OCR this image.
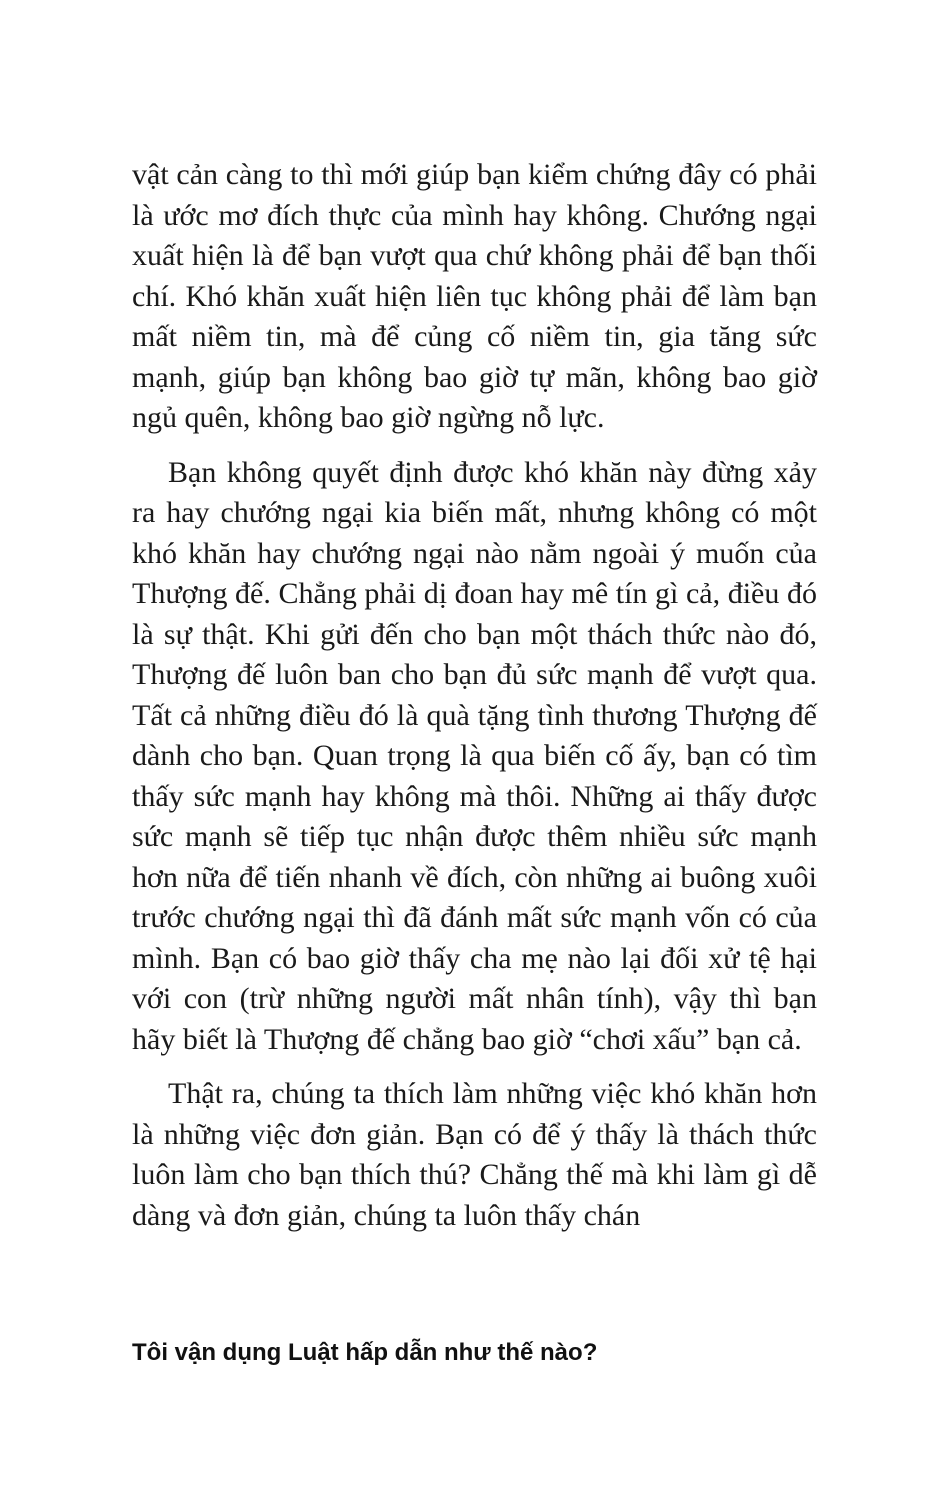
vật cản càng to thì mới giúp bạn kiểm chứng đây có phải là ước mơ đích thực của mình hay không. Chướng ngại xuất hiện là để bạn vượt qua chứ không phải để bạn thối chí. Khó khăn xuất hiện liên tục không phải để làm bạn mất niềm tin, mà để củng cố niềm tin, gia tăng sức mạnh, giúp bạn không bao giờ tự mãn, không bao giờ ngủ quên, không bao giờ ngừng nỗ lực.

Bạn không quyết định được khó khăn này đừng xảy ra hay chướng ngại kia biến mất, nhưng không có một khó khăn hay chướng ngại nào nằm ngoài ý muốn của Thượng đế. Chẳng phải dị đoan hay mê tín gì cả, điều đó là sự thật. Khi gửi đến cho bạn một thách thức nào đó, Thượng đế luôn ban cho bạn đủ sức mạnh để vượt qua. Tất cả những điều đó là quà tặng tình thương Thượng đế dành cho bạn. Quan trọng là qua biến cố ấy, bạn có tìm thấy sức mạnh hay không mà thôi. Những ai thấy được sức mạnh sẽ tiếp tục nhận được thêm nhiều sức mạnh hơn nữa để tiến nhanh về đích, còn những ai buông xuôi trước chướng ngại thì đã đánh mất sức mạnh vốn có của mình. Bạn có bao giờ thấy cha mẹ nào lại đối xử tệ hại với con (trừ những người mất nhân tính), vậy thì bạn hãy biết là Thượng đế chẳng bao giờ “chơi xấu” bạn cả.

Thật ra, chúng ta thích làm những việc khó khăn hơn là những việc đơn giản. Bạn có để ý thấy là thách thức luôn làm cho bạn thích thú? Chẳng thế mà khi làm gì dễ dàng và đơn giản, chúng ta luôn thấy chán

Tôi vận dụng Luật hấp dẫn như thế nào?
